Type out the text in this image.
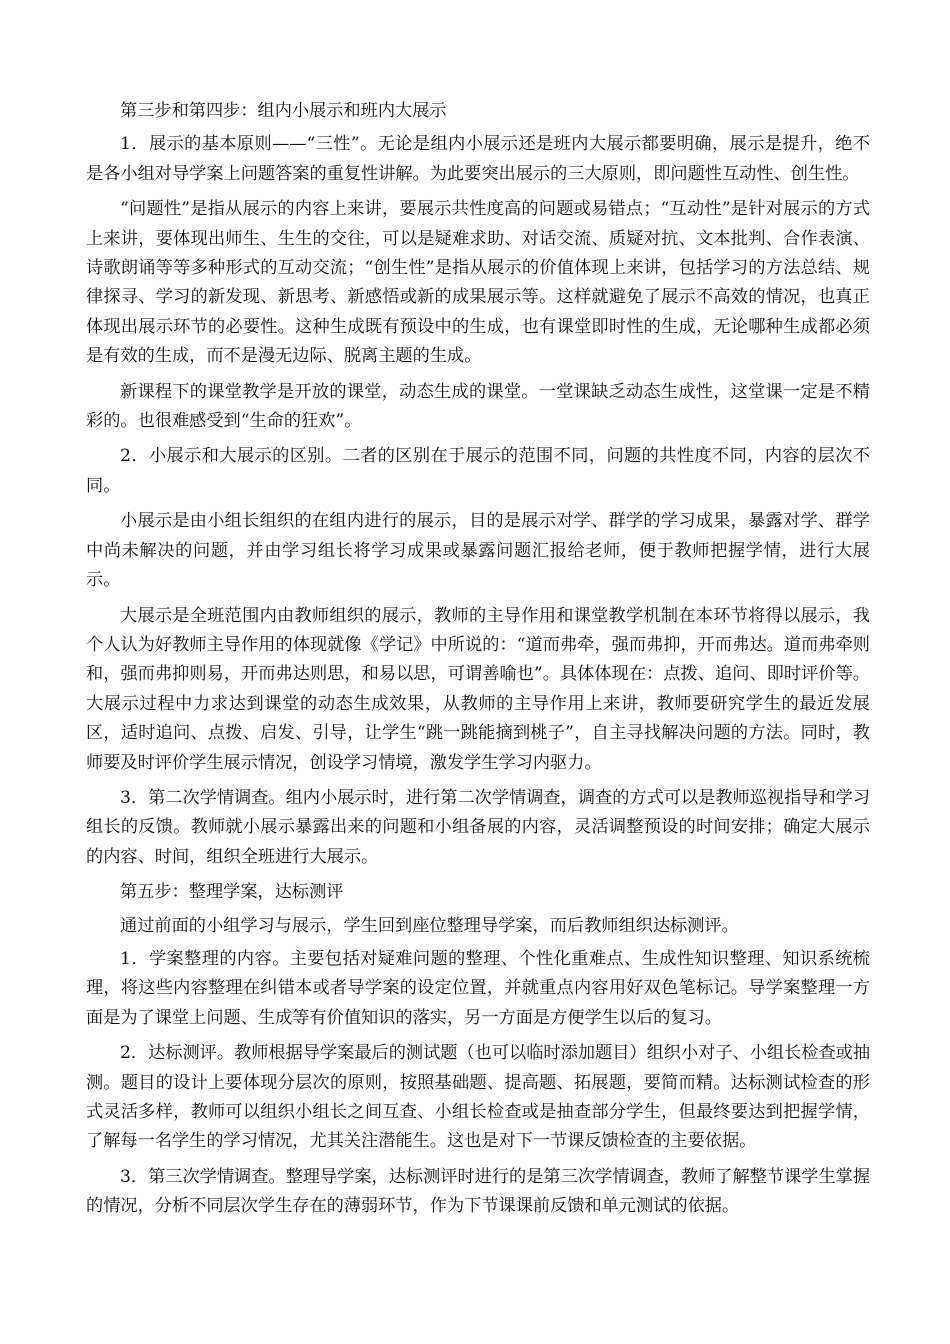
第三步和第四步：组内小展示和班内大展示

1．展示的基本原则——“三性”。无论是组内小展示还是班内大展示都要明确，展示是提升，绝不是各小组对导学案上问题答案的重复性讲解。为此要突出展示的三大原则，即问题性互动性、创生性。

“问题性”是指从展示的内容上来讲，要展示共性度高的问题或易错点；“互动性”是针对展示的方式上来讲，要体现出师生、生生的交往，可以是疑难求助、对话交流、质疑对抗、文本批判、合作表演、诗歌朗诵等等多种形式的互动交流；“创生性”是指从展示的价值体现上来讲，包括学习的方法总结、规律探寻、学习的新发现、新思考、新感悟或新的成果展示等。这样就避免了展示不高效的情况，也真正体现出展示环节的必要性。这种生成既有预设中的生成，也有课堂即时性的生成，无论哪种生成都必须是有效的生成，而不是漫无边际、脱离主题的生成。

新课程下的课堂教学是开放的课堂，动态生成的课堂。一堂课缺乏动态生成性，这堂课一定是不精彩的。也很难感受到“生命的狂欢”。

2．小展示和大展示的区别。二者的区别在于展示的范围不同，问题的共性度不同，内容的层次不同。

小展示是由小组长组织的在组内进行的展示，目的是展示对学、群学的学习成果，暴露对学、群学中尚未解决的问题，并由学习组长将学习成果或暴露问题汇报给老师，便于教师把握学情，进行大展示。

大展示是全班范围内由教师组织的展示，教师的主导作用和课堂教学机制在本环节将得以展示，我个人认为好教师主导作用的体现就像《学记》中所说的：“道而弗牵，强而弗抑，开而弗达。道而弗牵则和，强而弗抑则易，开而弗达则思，和易以思，可谓善喻也”。具体体现在：点拨、追问、即时评价等。大展示过程中力求达到课堂的动态生成效果，从教师的主导作用上来讲，教师要研究学生的最近发展区，适时追问、点拨、启发、引导，让学生“跳一跳能摘到桃子”，自主寻找解决问题的方法。同时，教师要及时评价学生展示情况，创设学习情境，激发学生学习内驱力。

3．第二次学情调查。组内小展示时，进行第二次学情调查，调查的方式可以是教师巡视指导和学习组长的反馈。教师就小展示暴露出来的问题和小组备展的内容，灵活调整预设的时间安排；确定大展示的内容、时间，组织全班进行大展示。

第五步：整理学案，达标测评

通过前面的小组学习与展示，学生回到座位整理导学案，而后教师组织达标测评。

1．学案整理的内容。主要包括对疑难问题的整理、个性化重难点、生成性知识整理、知识系统梳理，将这些内容整理在纠错本或者导学案的设定位置，并就重点内容用好双色笔标记。导学案整理一方面是为了课堂上问题、生成等有价值知识的落实，另一方面是方便学生以后的复习。

2．达标测评。教师根据导学案最后的测试题（也可以临时添加题目）组织小对子、小组长检查或抽测。题目的设计上要体现分层次的原则，按照基础题、提高题、拓展题，要简而精。达标测试检查的形式灵活多样，教师可以组织小组长之间互查、小组长检查或是抽查部分学生，但最终要达到把握学情，了解每一名学生的学习情况，尤其关注潜能生。这也是对下一节课反馈检查的主要依据。

3．第三次学情调查。整理导学案，达标测评时进行的是第三次学情调查，教师了解整节课学生掌握的情况，分析不同层次学生存在的薄弱环节，作为下节课课前反馈和单元测试的依据。
